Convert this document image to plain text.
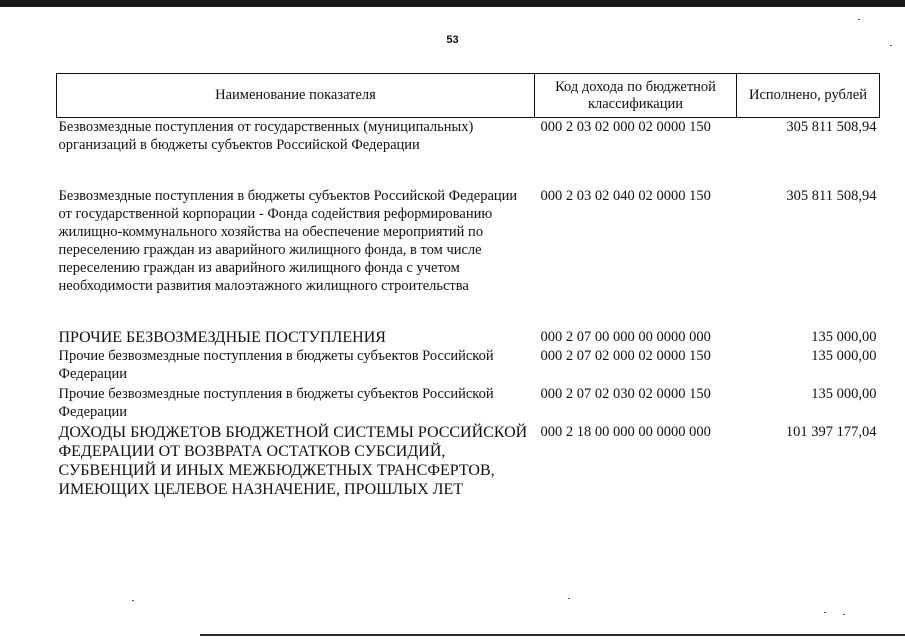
53
Наименование показателя	Код дохода по бюджетной классификации	Исполнено, рублей
Безвозмездные поступления от государственных (муниципальных) организаций в бюджеты субъектов Российской Федерации	000 2 03 02 000 02 0000 150	305 811 508,94
Безвозмездные поступления в бюджеты субъектов Российской Федерации от государственной корпорации - Фонда содействия реформированию жилищно-коммунального хозяйства на обеспечение мероприятий по переселению граждан из аварийного жилищного фонда, в том числе переселению граждан из аварийного жилищного фонда с учетом необходимости развития малоэтажного жилищного строительства	000 2 03 02 040 02 0000 150	305 811 508,94
ПРОЧИЕ БЕЗВОЗМЕЗДНЫЕ ПОСТУПЛЕНИЯ	000 2 07 00 000 00 0000 000	135 000,00
Прочие безвозмездные поступления в бюджеты субъектов Российской Федерации	000 2 07 02 000 02 0000 150	135 000,00
Прочие безвозмездные поступления в бюджеты субъектов Российской Федерации	000 2 07 02 030 02 0000 150	135 000,00
ДОХОДЫ БЮДЖЕТОВ БЮДЖЕТНОЙ СИСТЕМЫ РОССИЙСКОЙ ФЕДЕРАЦИИ ОТ ВОЗВРАТА ОСТАТКОВ СУБСИДИЙ, СУБВЕНЦИЙ И ИНЫХ МЕЖБЮДЖЕТНЫХ ТРАНСФЕРТОВ, ИМЕЮЩИХ ЦЕЛЕВОЕ НАЗНАЧЕНИЕ, ПРОШЛЫХ ЛЕТ	000 2 18 00 000 00 0000 000	101 397 177,04
